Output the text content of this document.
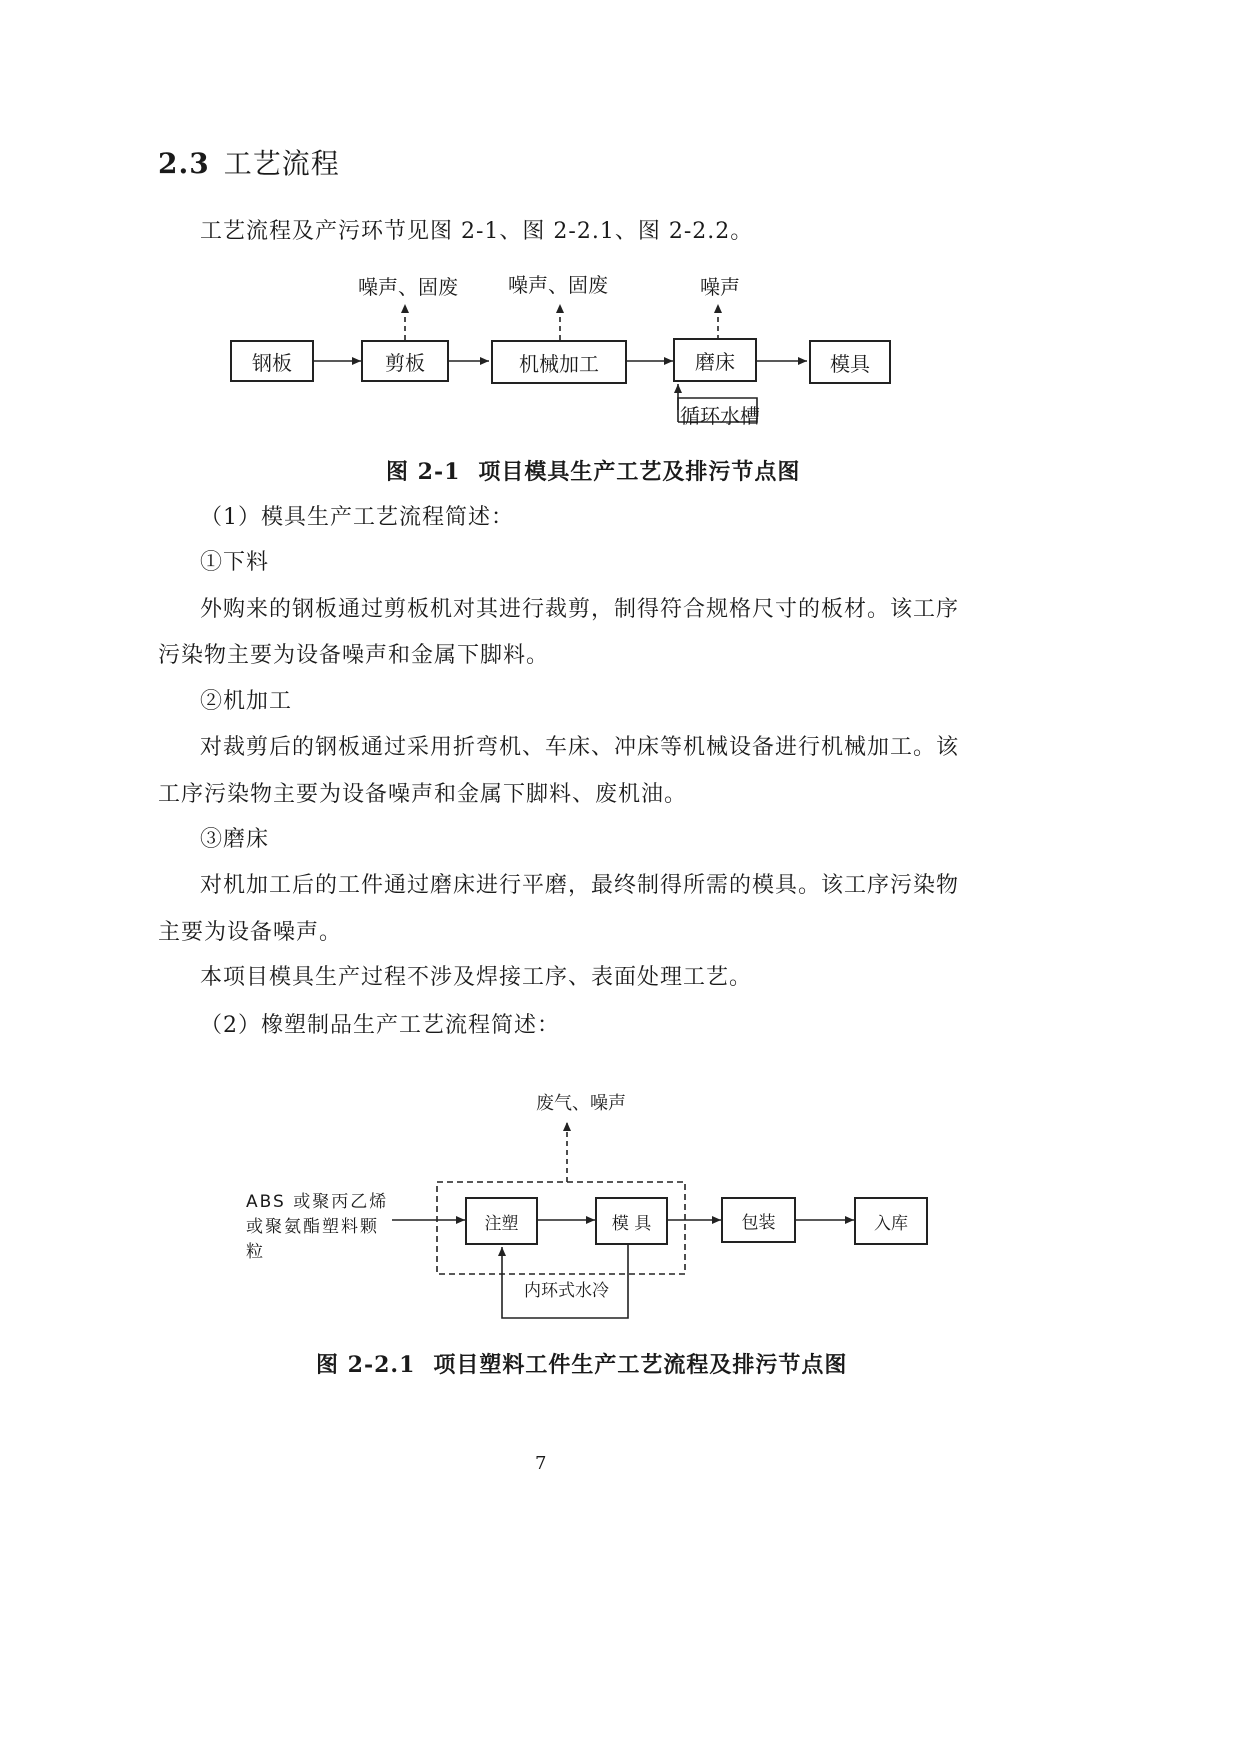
2.3 工艺流程
工艺流程及产污环节见图 2-1、图 2-2.1、图 2-2.2。
噪声、固废	噪声、固废	噪声
钢板	剪板	机械加工	磨床	模具
循环水槽
图 2-1 项目模具生产工艺及排污节点图
（1）模具生产工艺流程简述：
①下料
外购来的钢板通过剪板机对其进行裁剪，制得符合规格尺寸的板材。该工序
污染物主要为设备噪声和金属下脚料。
②机加工
对裁剪后的钢板通过采用折弯机、车床、冲床等机械设备进行机械加工。该
工序污染物主要为设备噪声和金属下脚料、废机油。
③磨床
对机加工后的工件通过磨床进行平磨，最终制得所需的模具。该工序污染物
主要为设备噪声。
本项目模具生产过程不涉及焊接工序、表面处理工艺。
（2）橡塑制品生产工艺流程简述：
废气、噪声
ABS 或聚丙乙烯
或聚氨酯塑料颗
粒
注塑	模 具	包装	入库
内环式水冷
图 2-2.1 项目塑料工件生产工艺流程及排污节点图
7
